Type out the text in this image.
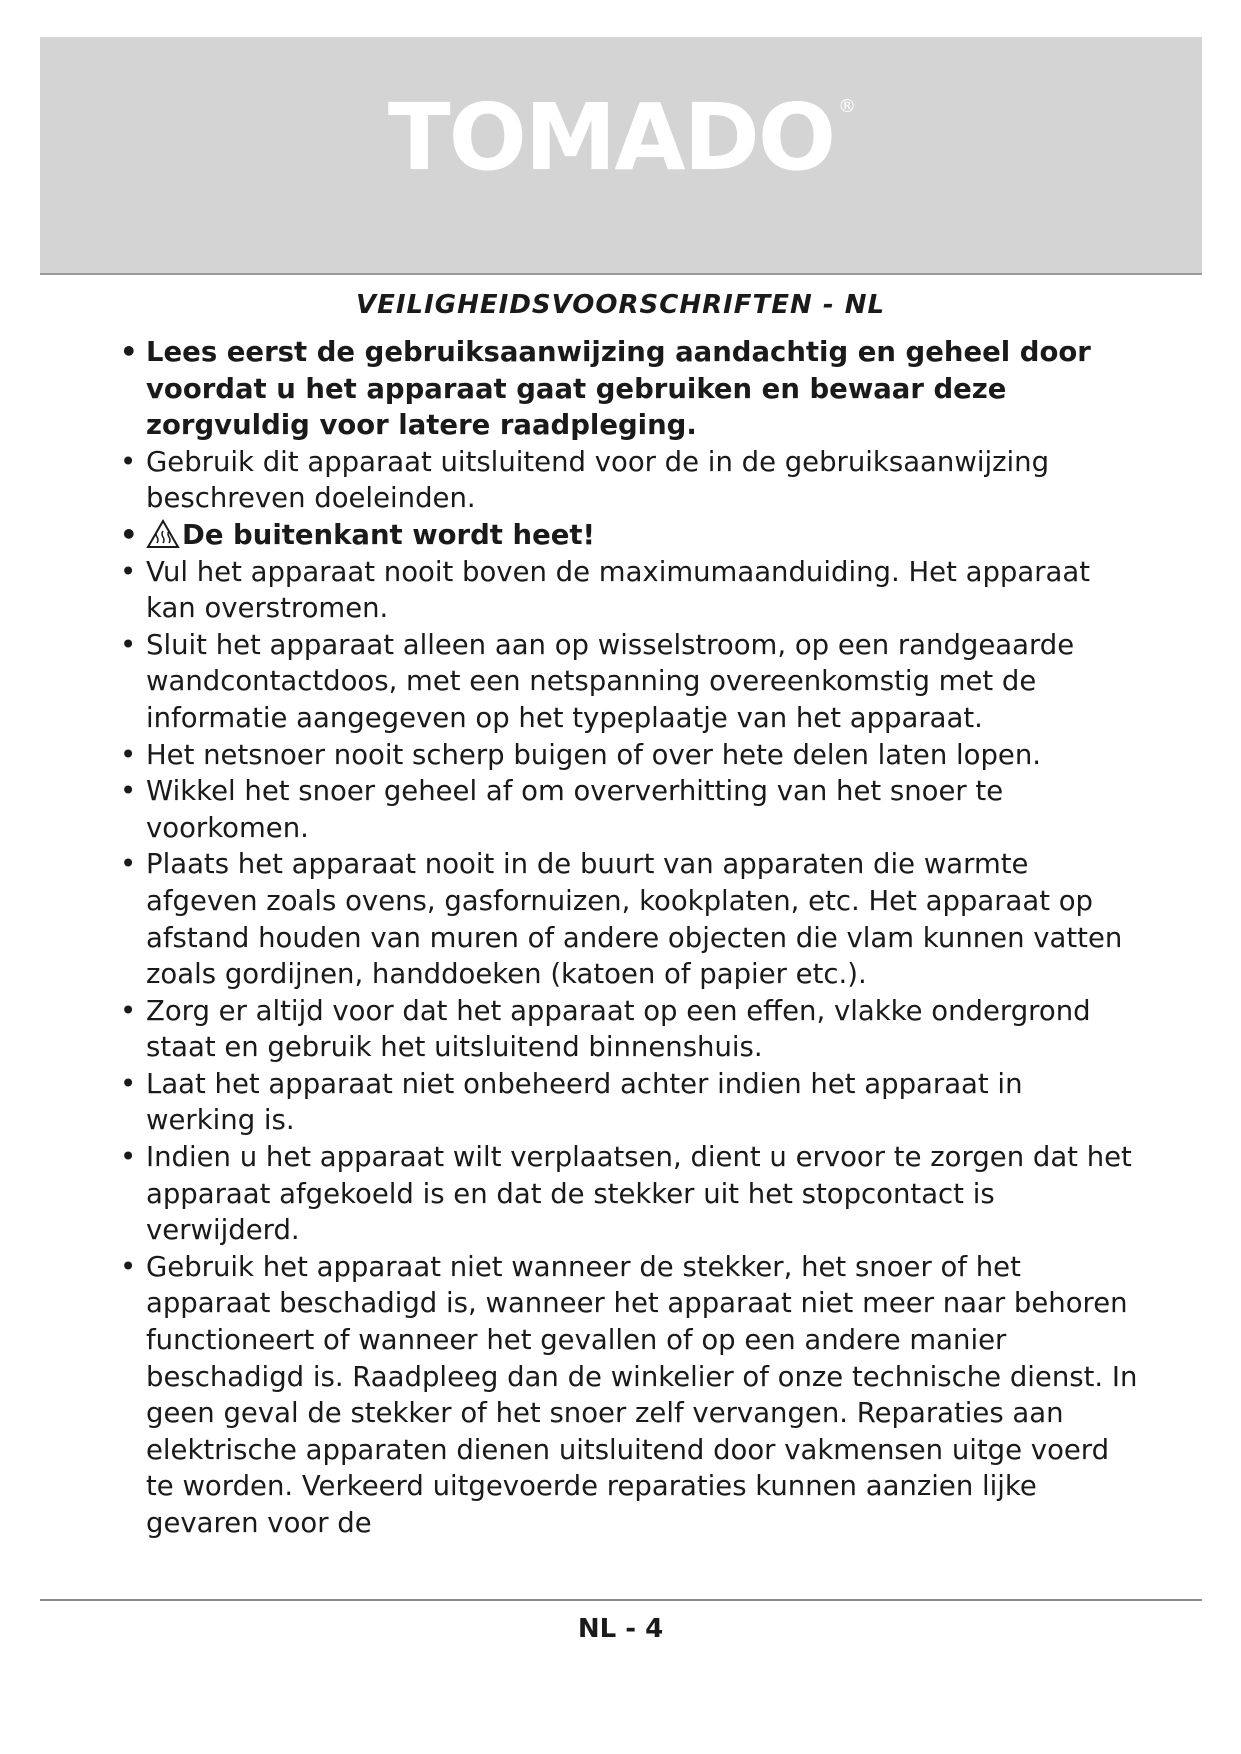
TOMADO ®
VEILIGHEIDSVOORSCHRIFTEN - NL
• Lees eerst de gebruiksaanwijzing aandachtig en geheel door voordat u het apparaat gaat gebruiken en bewaar deze zorgvuldig voor latere raadpleging.
• Gebruik dit apparaat uitsluitend voor de in de gebruiksaanwijzing beschreven doeleinden.
• De buitenkant wordt heet!
• Vul het apparaat nooit boven de maximumaanduiding. Het apparaat kan overstromen.
• Sluit het apparaat alleen aan op wisselstroom, op een randgeaarde wandcontactdoos, met een netspanning overeenkomstig met de informatie aangegeven op het typeplaatje van het apparaat.
• Het netsnoer nooit scherp buigen of over hete delen laten lopen.
• Wikkel het snoer geheel af om oververhitting van het snoer te voorkomen.
• Plaats het apparaat nooit in de buurt van apparaten die warmte afgeven zoals ovens, gasfornuizen, kookplaten, etc. Het apparaat op afstand houden van muren of andere objecten die vlam kunnen vatten zoals gordijnen, handdoeken (katoen of papier etc.).
• Zorg er altijd voor dat het apparaat op een effen, vlakke ondergrond staat en gebruik het uitsluitend binnenshuis.
• Laat het apparaat niet onbeheerd achter indien het apparaat in werking is.
• Indien u het apparaat wilt verplaatsen, dient u ervoor te zorgen dat het apparaat afgekoeld is en dat de stekker uit het stopcontact is verwijderd.
• Gebruik het apparaat niet wanneer de stekker, het snoer of het apparaat beschadigd is, wanneer het apparaat niet meer naar behoren functioneert of wanneer het gevallen of op een andere manier beschadigd is. Raadpleeg dan de winkelier of onze technische dienst. In geen geval de stekker of het snoer zelf vervangen. Reparaties aan elektrische apparaten dienen uitsluitend door vakmensen uitge voerd te worden. Verkeerd uitgevoerde reparaties kunnen aanzien lijke gevaren voor de
NL - 4
